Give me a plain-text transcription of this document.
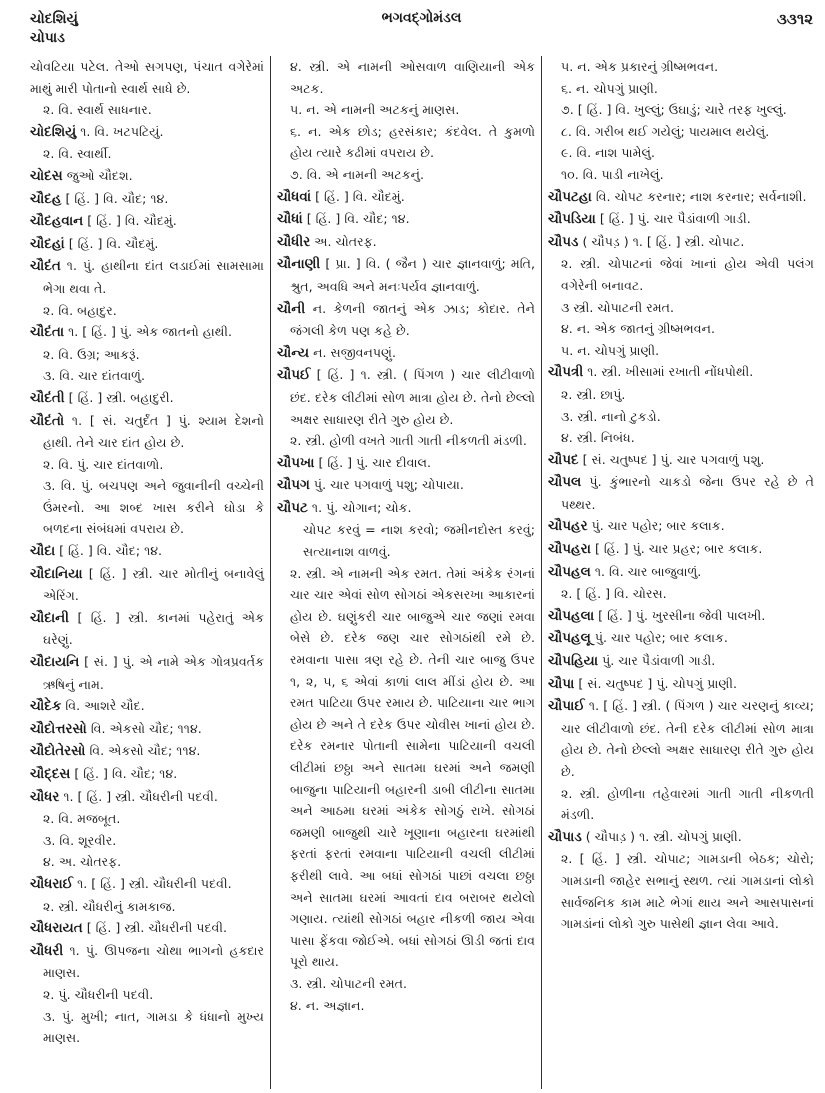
ચોદશિયું
ચોપાડ
ભગવદ્ગોમંડલ	૩૩૧૨
ચોવટિયા પટેલ. તેઓ સગપણ, પંચાત વગેરેમાં માથું મારી પોતાનો સ્વાર્થ સાધે છે.
૨. વિ. સ્વાર્થ સાધનાર.
ચોદશિયું ૧. વિ. ખટપટિયું.
૨. વિ. સ્વાર્થી.
ચોદસ જુઓ ચૌદશ.
ચૌદહ [ હિં. ] વિ. ચૌદ; ૧૪.
ચૌદહવાન [ હિં. ] વિ. ચૌદમું.
ચૌદહાં [ હિં. ] વિ. ચૌદમું.
ચૌદંત ૧. પું. હાથીના દાંત લડાઈમાં સામસામા ભેગા થવા તે.
૨. વિ. બહાદુર.
ચૌદંતા ૧. [ હિં. ] પું. એક જાતનો હાથી.
૨. વિ. ઉગ્ર; આકરૂં.
૩. વિ. ચાર દાંતવાળું.
ચૌદંતી [ હિં. ] સ્ત્રી. બહાદુરી.
ચૌદંતો ૧. [ સં. ચતુર્દંત ] પું. શ્યામ દેશનો હાથી. તેને ચાર દાંત હોય છે.
૨. વિ. પું. ચાર દાંતવાળો.
૩. વિ. પું. બચપણ અને જુવાનીની વચ્ચેની ઉંમરનો. આ શબ્દ ખાસ કરીને ઘોડા કે બળદના સંબંધમાં વપરાય છે.
ચૌદા [ હિં. ] વિ. ચૌદ; ૧૪.
ચૌદાનિયા [ હિં. ] સ્ત્રી. ચાર મોતીનું બનાવેલું એરિંગ.
ચૌદાની [ હિં. ] સ્ત્રી. કાનમાં પહેરાતું એક ઘરેણું.
ચૌદાયનિ [ સં. ] પું. એ નામે એક ગોત્રપ્રવર્તક ઋષિનું નામ.
ચૌદેક વિ. આશરે ચૌદ.
ચૌદોત્તરસો વિ. એકસો ચૌદ; ૧૧૪.
ચૌદોતેરસો વિ. એકસો ચૌદ; ૧૧૪.
ચૌદ્દસ [ હિં. ] વિ. ચૌદ; ૧૪.
ચૌધર ૧. [ હિં. ] સ્ત્રી. ચૌધરીની પદવી.
૨. વિ. મજબૂત.
૩. વિ. શૂરવીર.
૪. અ. ચોતરફ.
ચૌધરાઈ ૧. [ હિં. ] સ્ત્રી. ચૌધરીની પદવી.
૨. સ્ત્રી. ચૌધરીનું કામકાજ.
ચૌધરાયત [ હિં. ] સ્ત્રી. ચૌધરીની પદવી.
ચૌધરી ૧. પું. ઊપજના ચોથા ભાગનો હકદાર માણસ.
૨. પું. ચૌધરીની પદવી.
૩. પું. મુખી; નાત, ગામડા કે ધંધાનો મુખ્ય માણસ.
૪. સ્ત્રી. એ નામની ઓસવાળ વાણિયાની એક અટક.
૫. ન. એ નામની અટકનું માણસ.
૬. ન. એક છોડ; હરસંકાર; કંદવેલ. તે કુમળો હોય ત્યારે કઢીમાં વપરાય છે.
૭. વિ. એ નામની અટકનું.
ચૌધવાં [ હિં. ] વિ. ચૌદમું.
ચૌધાં [ હિં. ] વિ. ચૌદ; ૧૪.
ચૌધીર અ. ચોતરફ.
ચૌનાણી [ પ્રા. ] વિ. ( જૈન ) ચાર જ્ઞાનવાળું; મતિ, શ્રુત, અવધિ અને મનઃપર્યવ જ્ઞાનવાળું.
ચૌની ન. કેળની જાતનું એક ઝાડ; કોદાર. તેને જંગલી કેળ પણ કહે છે.
ચૌન્ય ન. સજીવનપણું.
ચૌપઈ [ હિં. ] ૧. સ્ત્રી. ( પિંગળ ) ચાર લીટીવાળો છંદ. દરેક લીટીમાં સોળ માત્રા હોય છે. તેનો છેલ્લો અક્ષર સાધારણ રીતે ગુરુ હોય છે.
૨. સ્ત્રી. હોળી વખતે ગાતી ગાતી નીકળતી મંડળી.
ચૌપખા [ હિં. ] પું. ચાર દીવાલ.
ચૌપગ પું. ચાર પગવાળું પશુ; ચોપાયા.
ચૌપટ ૧. પું. ચોગાન; ચોક.
ચોપટ કરવું = નાશ કરવો; જમીનદોસ્ત કરવું; સત્યાનાશ વાળવું.
૨. સ્ત્રી. એ નામની એક રમત. તેમાં અંકેક રંગનાં ચાર ચાર એવાં સોળ સોગઠાં એકસરખા આકારનાં હોય છે. ઘણુંકરી ચાર બાજુએ ચાર જણાં રમવા બેસે છે. દરેક જણ ચાર સોગઠાંથી રમે છે. રમવાના પાસા ત્રણ રહે છે. તેની ચાર બાજુ ઉપર ૧, ૨, ૫, ૬ એવાં કાળાં લાલ મીંડાં હોય છે. આ રમત પાટિયા ઉપર રમાય છે. પાટિયાના ચાર ભાગ હોય છે અને તે દરેક ઉપર ચોવીસ ખાનાં હોય છે. દરેક રમનાર પોતાની સામેના પાટિયાની વચલી લીટીમાં છઠ્ઠા અને સાતમા ઘરમાં અને જમણી બાજુના પાટિયાની બહારની ડાબી લીટીના સાતમા અને આઠમા ઘરમાં અંકેક સોગઠું રાખે. સોગઠાં જમણી બાજુથી ચારે ખૂણાના બહારના ઘરમાંથી ફરતાં ફરતાં રમવાના પાટિયાની વચલી લીટીમાં ફરીથી લાવે. આ બધાં સોગઠાં પાછાં વચલા છઠ્ઠા અને સાતમા ઘરમાં આવતાં દાવ બરાબર થયેલો ગણાય. ત્યાંથી સોગઠાં બહાર નીકળી જાય એવા પાસા ફેંકવા જોઈએ. બધાં સોગઠાં ઊડી જતાં દાવ પૂરો થાય.
૩. સ્ત્રી. ચોપાટની રમત.
૪. ન. અજ્ઞાન.
૫. ન. એક પ્રકારનું ગ્રીષ્મભવન.
૬. ન. ચોપગું પ્રાણી.
૭. [ હિં. ] વિ. ખુલ્લું; ઉઘાડું; ચારે તરફ ખુલ્લું.
૮. વિ. ગરીબ થઈ ગયેલું; પાયમાલ થયેલું.
૯. વિ. નાશ પામેલું.
૧૦. વિ. પાડી નાખેલું.
ચૌપટહા વિ. ચોપટ કરનાર; નાશ કરનાર; સર્વનાશી.
ચૌપડિયા [ હિં. ] પું. ચાર પૈડાંવાળી ગાડી.
ચૌપડ ( ચૌપડ઼ ) ૧. [ હિં. ] સ્ત્રી. ચોપાટ.
૨. સ્ત્રી. ચોપાટનાં જેવાં ખાનાં હોય એવી પલંગ વગેરેની બનાવટ.
૩ સ્ત્રી. ચોપાટની રમત.
૪. ન. એક જાતનું ગ્રીષ્મભવન.
૫. ન. ચોપગું પ્રાણી.
ચૌપત્રી ૧. સ્ત્રી. ખીસામાં રખાતી નોંધપોથી.
૨. સ્ત્રી. છાપું.
૩. સ્ત્રી. નાનો ટુકડો.
૪. સ્ત્રી. નિબંધ.
ચૌપદ [ સં. ચતુષ્પદ ] પું. ચાર પગવાળું પશુ.
ચૌપલ પું. કુંભારનો ચાકડો જેના ઉપર રહે છે તે પથ્થર.
ચૌપહર પું. ચાર પહોર; બાર કલાક.
ચૌપહરા [ હિં. ] પું. ચાર પ્રહર; બાર કલાક.
ચૌપહલ ૧. વિ. ચાર બાજુવાળું.
૨. [ હિં. ] વિ. ચોરસ.
ચૌપહલા [ હિં. ] પું. ખુરસીના જેવી પાલખી.
ચૌપહલૂ પું. ચાર પહોર; બાર કલાક.
ચૌપહિયા પું. ચાર પૈડાંવાળી ગાડી.
ચૌપા [ સં. ચતુષ્પદ ] પું. ચોપગું પ્રાણી.
ચૌપાઈ ૧. [ હિં. ] સ્ત્રી. ( પિંગળ ) ચાર ચરણનું કાવ્ય; ચાર લીટીવાળો છંદ. તેની દરેક લીટીમાં સોળ માત્રા હોય છે. તેનો છેલ્લો અક્ષર સાધારણ રીતે ગુરુ હોય છે.
૨. સ્ત્રી. હોળીના તહેવારમાં ગાતી ગાતી નીકળતી મંડળી.
ચૌપાડ ( ચૌપાડ઼ ) ૧. સ્ત્રી. ચોપગું પ્રાણી.
૨. [ હિં. ] સ્ત્રી. ચોપાટ; ગામડાની બેઠક; ચોરો; ગામડાની જાહેર સભાનું સ્થળ. ત્યાં ગામડાનાં લોકો સાર્વજનિક કામ માટે ભેગાં થાય અને આસપાસનાં ગામડાંનાં લોકો ગુરુ પાસેથી જ્ઞાન લેવા આવે.
